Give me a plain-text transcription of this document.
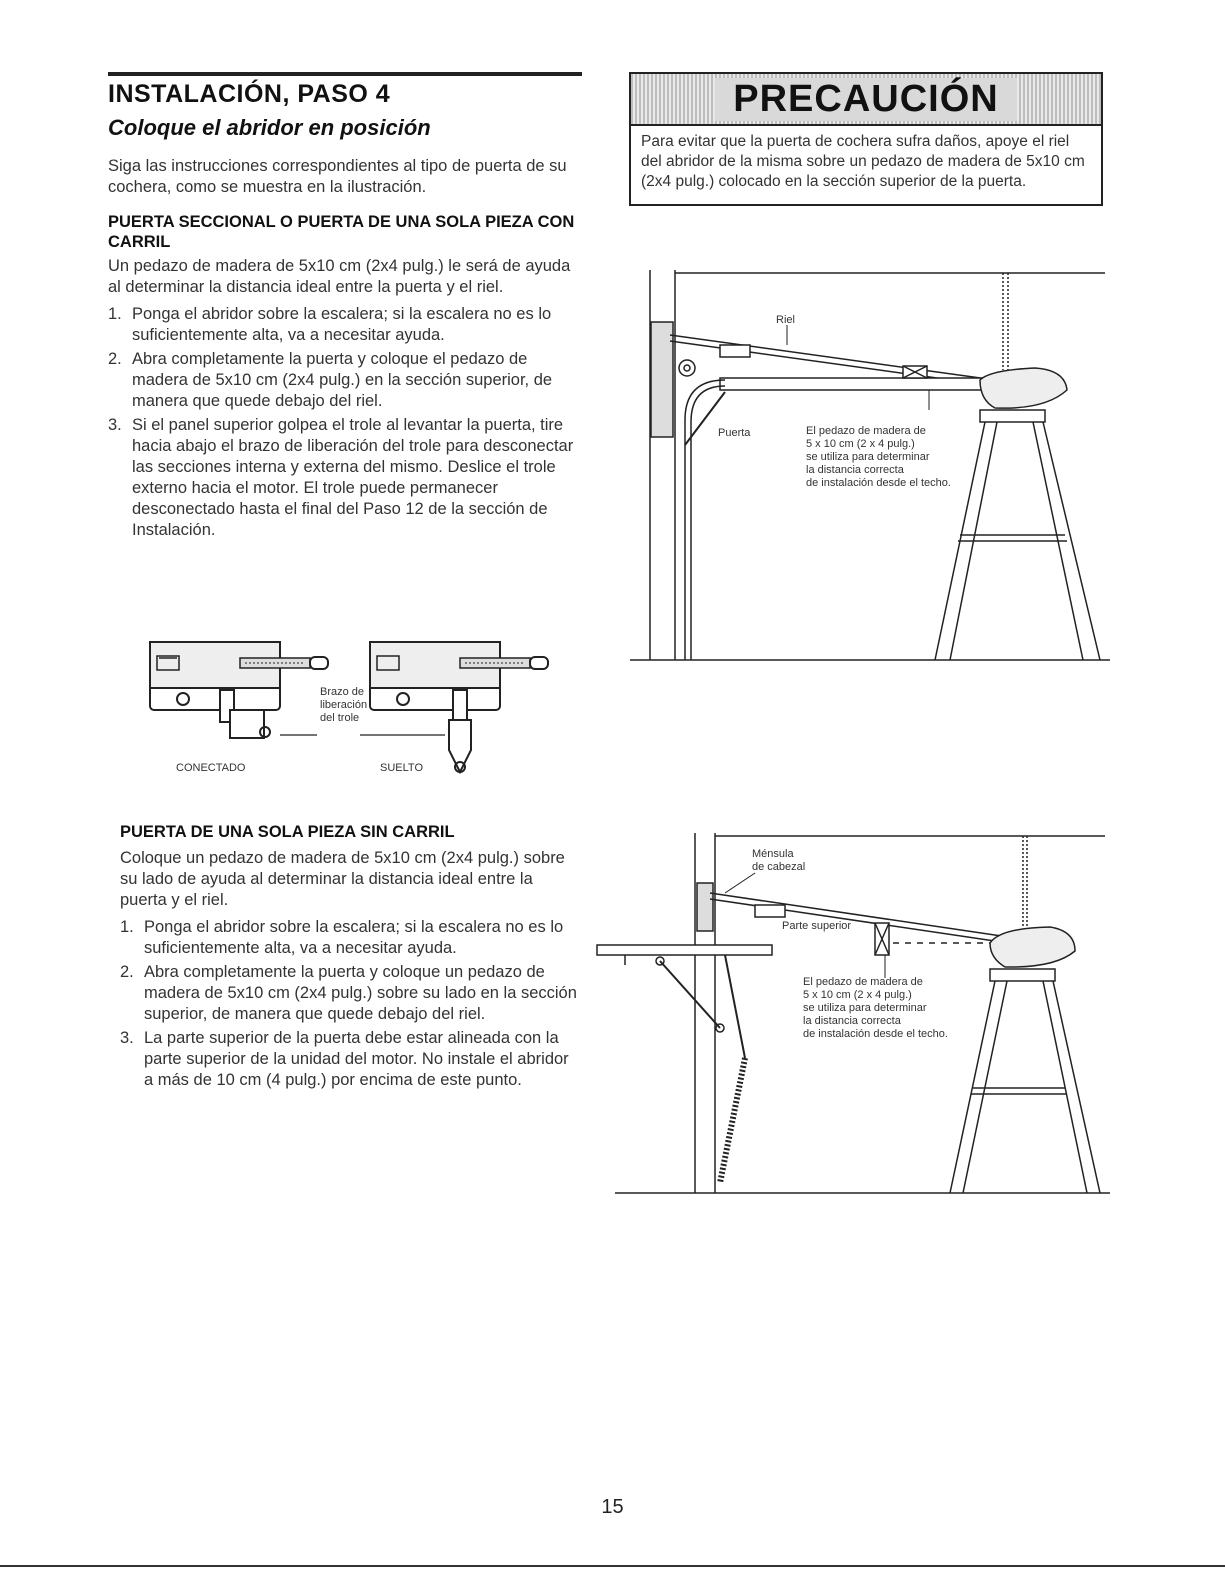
INSTALACIÓN, PASO 4
Coloque el abridor en posición

Siga las instrucciones correspondientes al tipo de puerta de su cochera, como se muestra en la ilustración.

PUERTA SECCIONAL O PUERTA DE UNA SOLA PIEZA CON CARRIL

Un pedazo de madera de 5x10 cm (2x4 pulg.) le será de ayuda al determinar la distancia ideal entre la puerta y el riel.

1. Ponga el abridor sobre la escalera; si la escalera no es lo suficientemente alta, va a necesitar ayuda.
2. Abra completamente la puerta y coloque el pedazo de madera de 5x10 cm (2x4 pulg.) en la sección superior, de manera que quede debajo del riel.
3. Si el panel superior golpea el trole al levantar la puerta, tire hacia abajo el brazo de liberación del trole para desconectar las secciones interna y externa del mismo. Deslice el trole externo hacia el motor. El trole puede permanecer desconectado hasta el final del Paso 12 de la sección de Instalación.
Brazo de
liberación
del trole
CONECTADO	SUELTO

PUERTA DE UNA SOLA PIEZA SIN CARRIL

Coloque un pedazo de madera de 5x10 cm (2x4 pulg.) sobre su lado de ayuda al determinar la distancia ideal entre la puerta y el riel.

1. Ponga el abridor sobre la escalera; si la escalera no es lo suficientemente alta, va a necesitar ayuda.
2. Abra completamente la puerta y coloque un pedazo de madera de 5x10 cm (2x4 pulg.) sobre su lado en la sección superior, de manera que quede debajo del riel.
3. La parte superior de la puerta debe estar alineada con la parte superior de la unidad del motor. No instale el abridor a más de 10 cm (4 pulg.) por encima de este punto.
PRECAUCIÓN
Para evitar que la puerta de cochera sufra daños, apoye el riel del abridor de la misma sobre un pedazo de madera de 5x10 cm (2x4 pulg.) colocado en la sección superior de la puerta.
Riel
Puerta	El pedazo de madera de
5 x 10 cm (2 x 4 pulg.)
se utiliza para determinar
la distancia correcta
de instalación desde el techo.
Ménsula
de cabezal
Parte superior
El pedazo de madera de
5 x 10 cm (2 x 4 pulg.)
se utiliza para determinar
la distancia correcta
de instalación desde el techo.
15
